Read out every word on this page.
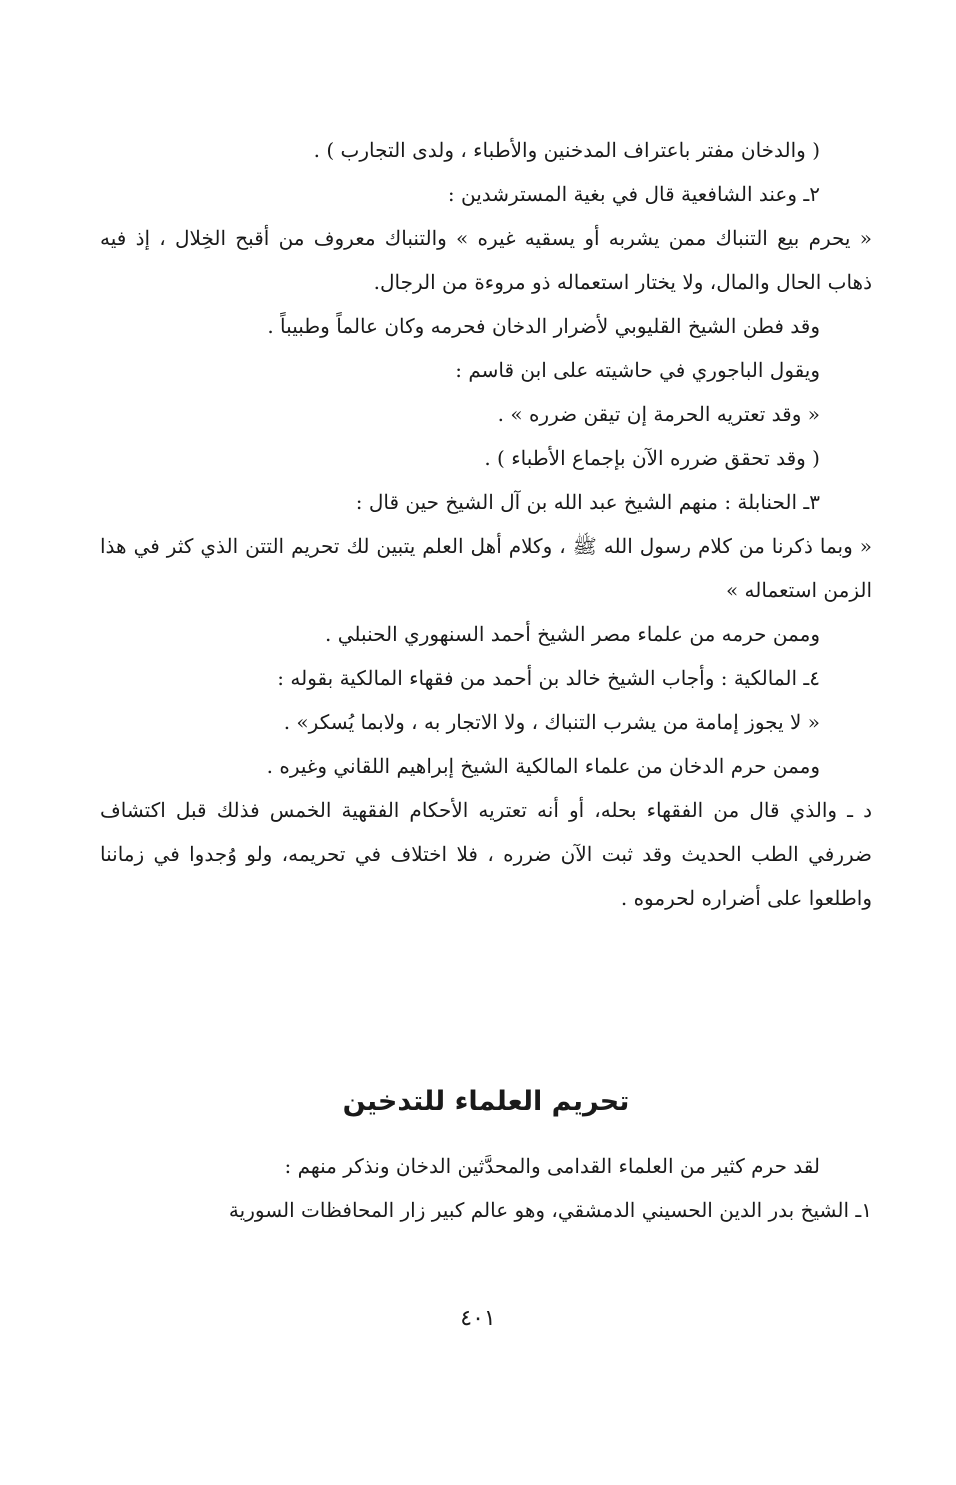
( والدخان مفتر باعتراف المدخنين والأطباء ، ولدى التجارب ) .

٢ـ وعند الشافعية قال في بغية المسترشدين :

« يحرم بيع التنباك ممن يشربه أو يسقيه غيره » والتنباك معروف من أقبح الخِلال ، إذ فيه ذهاب الحال والمال، ولا يختار استعماله ذو مروءة من الرجال.

وقد فطن الشيخ القليوبي لأضرار الدخان فحرمه وكان عالماً وطبيباً .

ويقول الباجوري في حاشيته على ابن قاسم :

« وقد تعتريه الحرمة إن تيقن ضرره » .

( وقد تحقق ضرره الآن بإجماع الأطباء ) .

٣ـ الحنابلة : منهم الشيخ عبد الله بن آل الشيخ حين قال :

« وبما ذكرنا من كلام رسول الله ﷺ ، وكلام أهل العلم يتبين لك تحريم التتن الذي كثر في هذا الزمن استعماله »

وممن حرمه من علماء مصر الشيخ أحمد السنهوري الحنبلي .

٤ـ المالكية : وأجاب الشيخ خالد بن أحمد من فقهاء المالكية بقوله :

« لا يجوز إمامة من يشرب التنباك ، ولا الاتجار به ، ولابما يُسكر» .

وممن حرم الدخان من علماء المالكية الشيخ إبراهيم اللقاني وغيره .

د ـ والذي قال من الفقهاء بحله، أو أنه تعتريه الأحكام الفقهية الخمس فذلك قبل اكتشاف ضررفي الطب الحديث وقد ثبت الآن ضرره ، فلا اختلاف في تحريمه، ولو وُجدوا في زماننا واطلعوا على أضراره لحرموه .

تحريم العلماء للتدخين

لقد حرم كثير من العلماء القدامى والمحدَّثين الدخان ونذكر منهم :

١ـ الشيخ بدر الدين الحسيني الدمشقي، وهو عالم كبير زار المحافظات السورية

٤٠١
